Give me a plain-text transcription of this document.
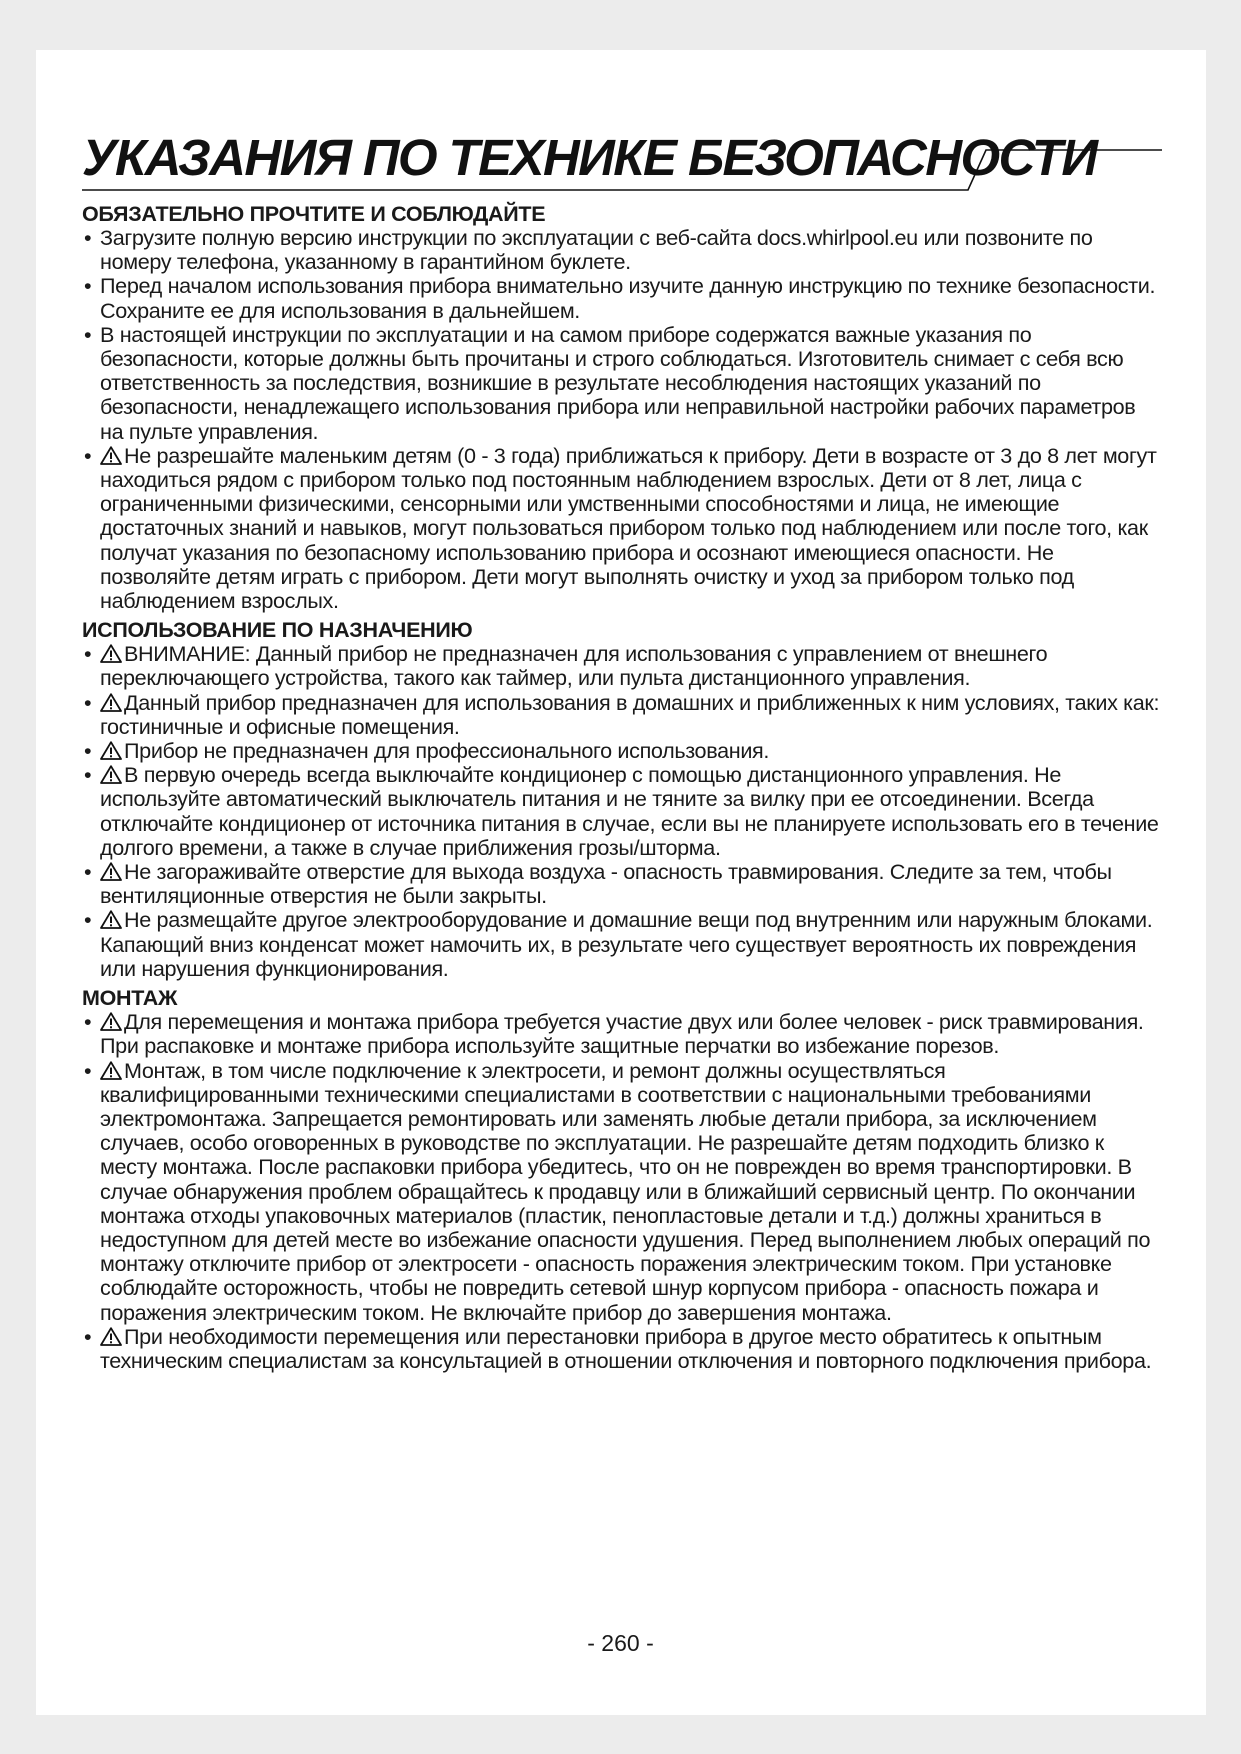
УКАЗАНИЯ ПО ТЕХНИКЕ БЕЗОПАСНОСТИ
ОБЯЗАТЕЛЬНО ПРОЧТИТЕ И СОБЛЮДАЙТЕ
• Загрузите полную версию инструкции по эксплуатации с веб-сайта docs.whirlpool.eu или позвоните по номеру телефона, указанному в гарантийном буклете.
• Перед началом использования прибора внимательно изучите данную инструкцию по технике безопасности. Сохраните ее для использования в дальнейшем.
• В настоящей инструкции по эксплуатации и на самом приборе содержатся важные указания по безопасности, которые должны быть прочитаны и строго соблюдаться. Изготовитель снимает с себя всю ответственность за последствия, возникшие в результате несоблюдения настоящих указаний по безопасности, ненадлежащего использования прибора или неправильной настройки рабочих параметров на пульте управления.
• Не разрешайте маленьким детям (0 - 3 года) приближаться к прибору. Дети в возрасте от 3 до 8 лет могут находиться рядом с прибором только под постоянным наблюдением взрослых. Дети от 8 лет, лица с ограниченными физическими, сенсорными или умственными способностями и лица, не имеющие достаточных знаний и навыков, могут пользоваться прибором только под наблюдением или после того, как получат указания по безопасному использованию прибора и осознают имеющиеся опасности. Не позволяйте детям играть с прибором. Дети могут выполнять очистку и уход за прибором только под наблюдением взрослых.
ИСПОЛЬЗОВАНИЕ ПО НАЗНАЧЕНИЮ
• ВНИМАНИЕ: Данный прибор не предназначен для использования с управлением от внешнего переключающего устройства, такого как таймер, или пульта дистанционного управления.
• Данный прибор предназначен для использования в домашних и приближенных к ним условиях, таких как: гостиничные и офисные помещения.
• Прибор не предназначен для профессионального использования.
• В первую очередь всегда выключайте кондиционер с помощью дистанционного управления. Не используйте автоматический выключатель питания и не тяните за вилку при ее отсоединении. Всегда отключайте кондиционер от источника питания в случае, если вы не планируете использовать его в течение долгого времени, а также в случае приближения грозы/шторма.
• Не загораживайте отверстие для выхода воздуха - опасность травмирования. Следите за тем, чтобы вентиляционные отверстия не были закрыты.
• Не размещайте другое электрооборудование и домашние вещи под внутренним или наружным блоками. Капающий вниз конденсат может намочить их, в результате чего существует вероятность их повреждения или нарушения функционирования.
МОНТАЖ
• Для перемещения и монтажа прибора требуется участие двух или более человек - риск травмирования. При распаковке и монтаже прибора используйте защитные перчатки во избежание порезов.
• Монтаж, в том числе подключение к электросети, и ремонт должны осуществляться квалифицированными техническими специалистами в соответствии с национальными требованиями электромонтажа. Запрещается ремонтировать или заменять любые детали прибора, за исключением случаев, особо оговоренных в руководстве по эксплуатации. Не разрешайте детям подходить близко к месту монтажа. После распаковки прибора убедитесь, что он не поврежден во время транспортировки. В случае обнаружения проблем обращайтесь к продавцу или в ближайший сервисный центр. По окончании монтажа отходы упаковочных материалов (пластик, пенопластовые детали и т.д.) должны храниться в недоступном для детей месте во избежание опасности удушения. Перед выполнением любых операций по монтажу отключите прибор от электросети - опасность поражения электрическим током. При установке соблюдайте осторожность, чтобы не повредить сетевой шнур корпусом прибора - опасность пожара и поражения электрическим током. Не включайте прибор до завершения монтажа.
• При необходимости перемещения или перестановки прибора в другое место обратитесь к опытным техническим специалистам за консультацией в отношении отключения и повторного подключения прибора.
- 260 -
